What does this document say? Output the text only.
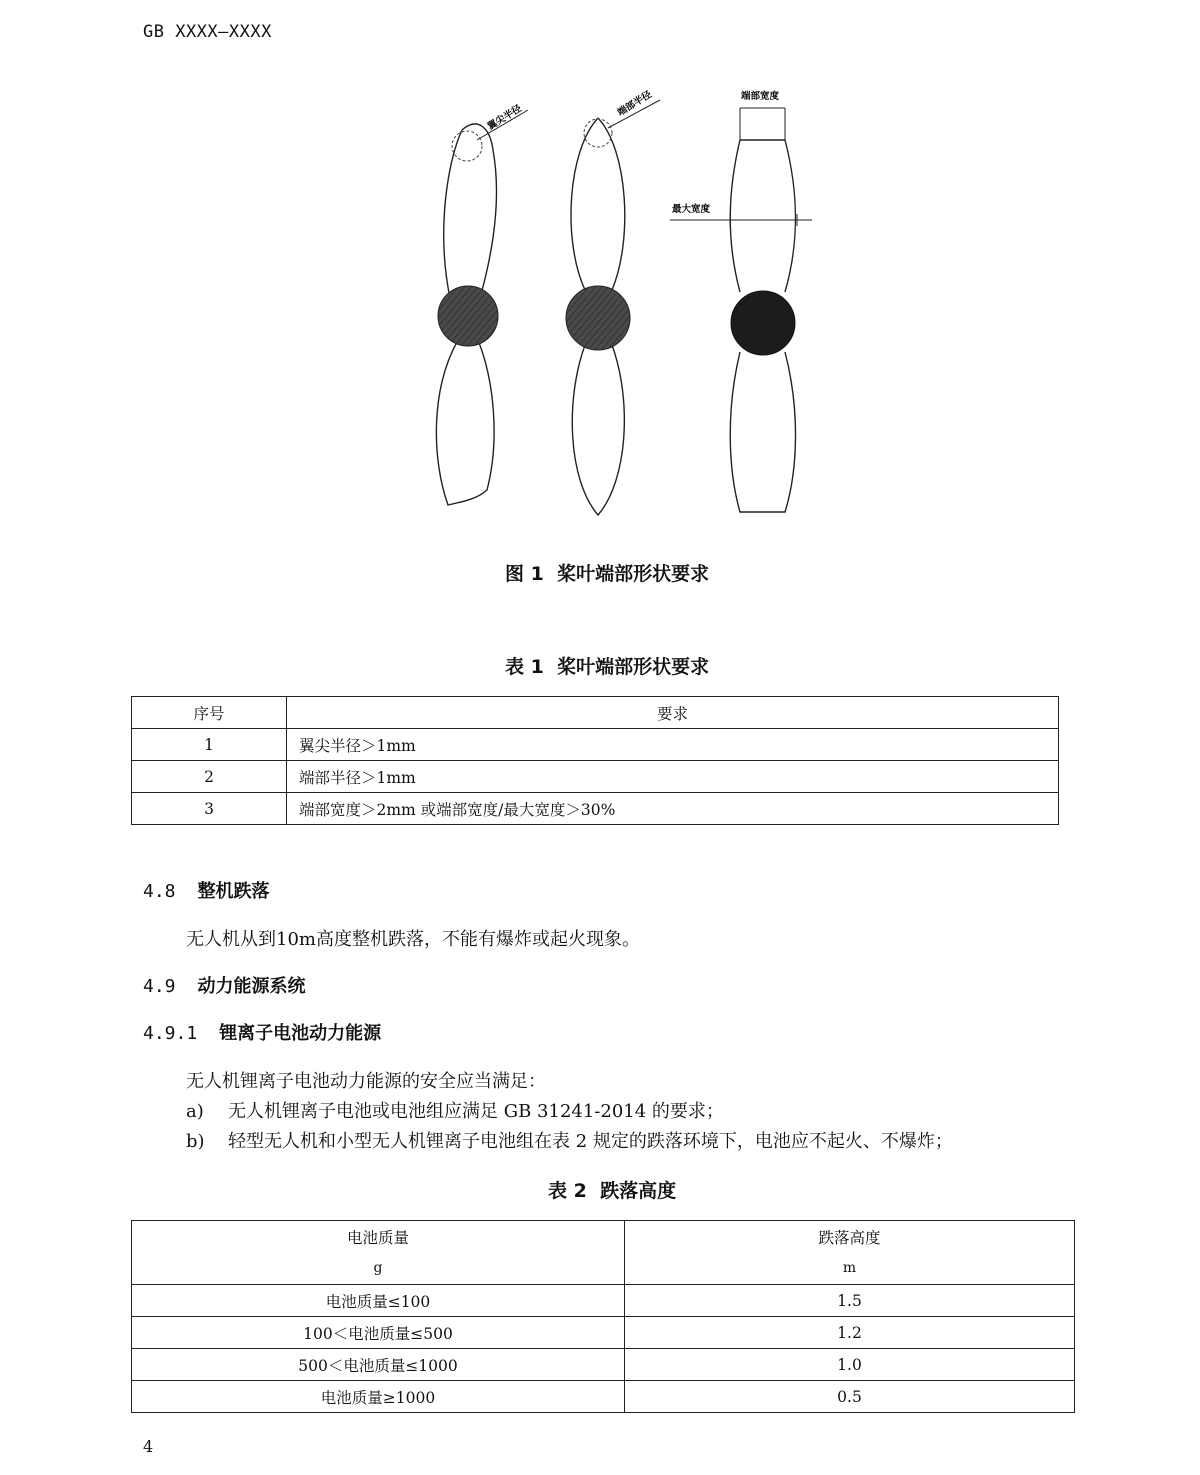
GB XXXX—XXXX
翼尖半径	端部半径	端部宽度
最大宽度
图 1  桨叶端部形状要求
表 1  桨叶端部形状要求
序号	要求
1	翼尖半径＞1mm
2	端部半径＞1mm
3	端部宽度＞2mm 或端部宽度/最大宽度＞30%
4.8 整机跌落
无人机从到10m高度整机跌落，不能有爆炸或起火现象。
4.9 动力能源系统
4.9.1 锂离子电池动力能源
无人机锂离子电池动力能源的安全应当满足：
a) 无人机锂离子电池或电池组应满足 GB 31241-2014 的要求；
b) 轻型无人机和小型无人机锂离子电池组在表 2 规定的跌落环境下，电池应不起火、不爆炸；
表 2  跌落高度
电池质量	跌落高度
g	m
电池质量≤100	1.5
100＜电池质量≤500	1.2
500＜电池质量≤1000	1.0
电池质量≥1000	0.5
4
